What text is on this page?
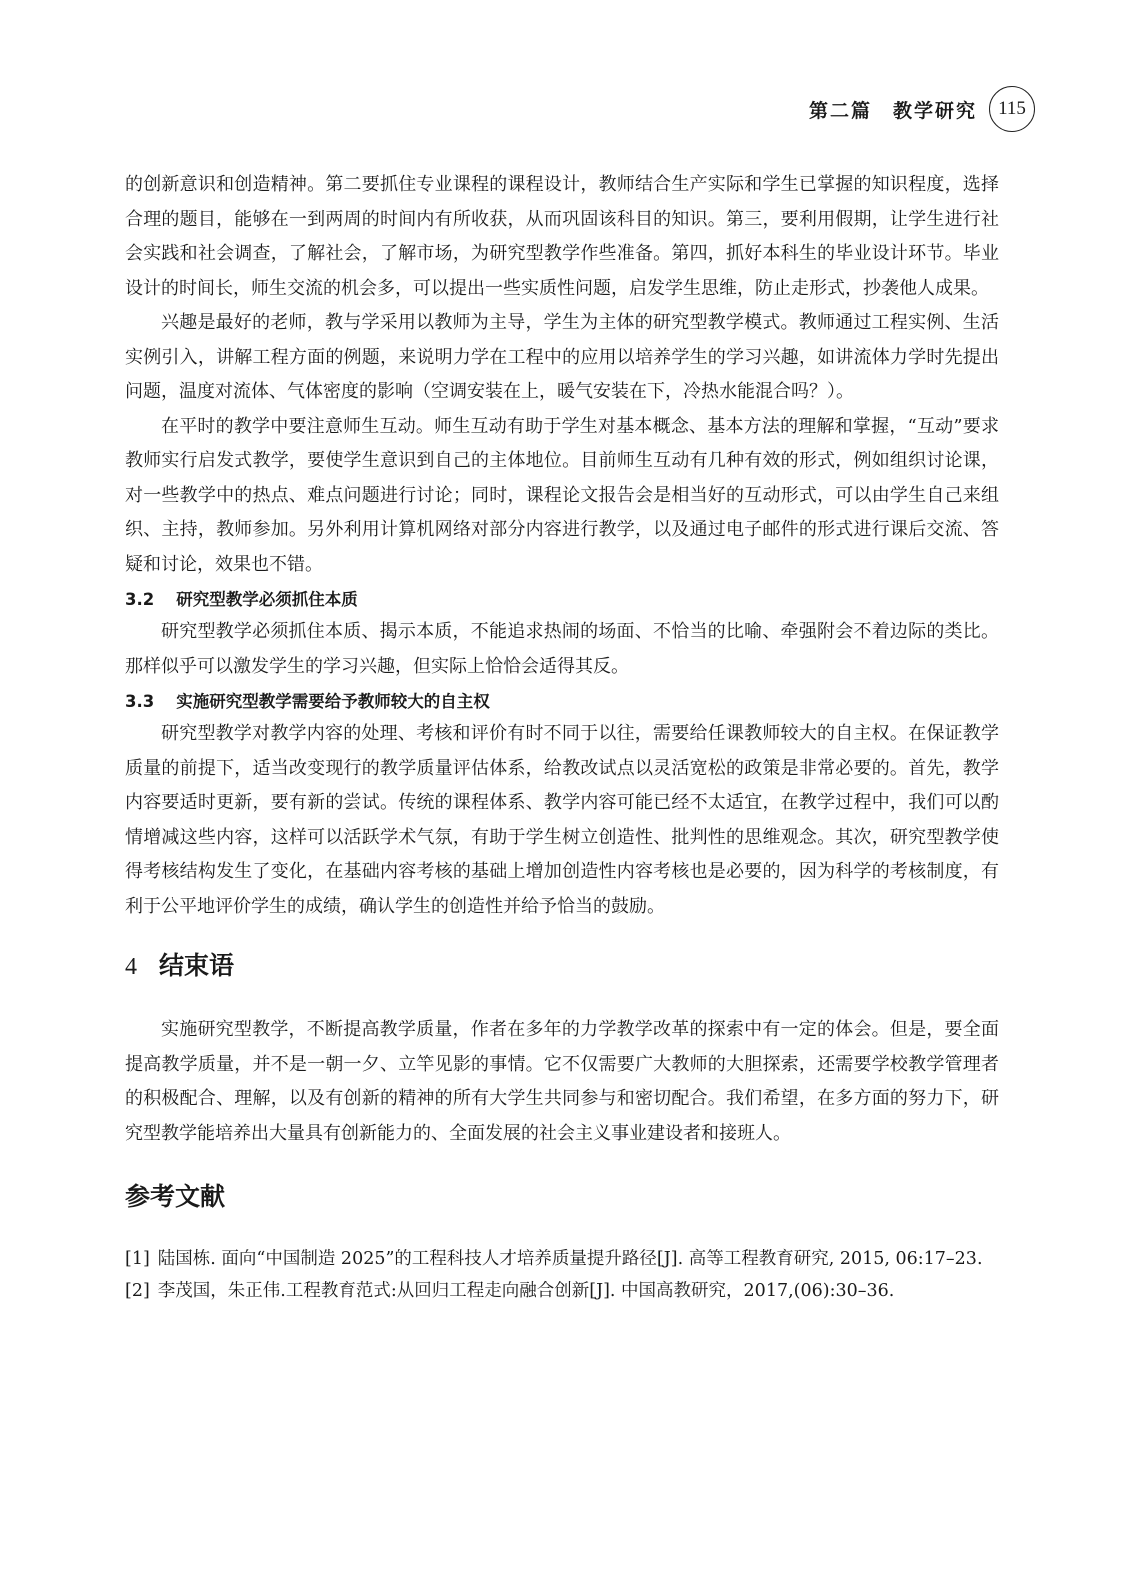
第二篇　教学研究	115

的创新意识和创造精神。第二要抓住专业课程的课程设计，教师结合生产实际和学生已掌握的知识程度，选择合理的题目，能够在一到两周的时间内有所收获，从而巩固该科目的知识。第三，要利用假期，让学生进行社会实践和社会调查，了解社会，了解市场，为研究型教学作些准备。第四，抓好本科生的毕业设计环节。毕业设计的时间长，师生交流的机会多，可以提出一些实质性问题，启发学生思维，防止走形式，抄袭他人成果。

兴趣是最好的老师，教与学采用以教师为主导，学生为主体的研究型教学模式。教师通过工程实例、生活实例引入，讲解工程方面的例题，来说明力学在工程中的应用以培养学生的学习兴趣，如讲流体力学时先提出问题，温度对流体、气体密度的影响（空调安装在上，暖气安装在下，冷热水能混合吗？）。

在平时的教学中要注意师生互动。师生互动有助于学生对基本概念、基本方法的理解和掌握，“互动”要求教师实行启发式教学，要使学生意识到自己的主体地位。目前师生互动有几种有效的形式，例如组织讨论课，对一些教学中的热点、难点问题进行讨论；同时，课程论文报告会是相当好的互动形式，可以由学生自己来组织、主持，教师参加。另外利用计算机网络对部分内容进行教学，以及通过电子邮件的形式进行课后交流、答疑和讨论，效果也不错。

3.2 研究型教学必须抓住本质

研究型教学必须抓住本质、揭示本质，不能追求热闹的场面、不恰当的比喻、牵强附会不着边际的类比。那样似乎可以激发学生的学习兴趣，但实际上恰恰会适得其反。

3.3 实施研究型教学需要给予教师较大的自主权

研究型教学对教学内容的处理、考核和评价有时不同于以往，需要给任课教师较大的自主权。在保证教学质量的前提下，适当改变现行的教学质量评估体系，给教改试点以灵活宽松的政策是非常必要的。首先，教学内容要适时更新，要有新的尝试。传统的课程体系、教学内容可能已经不太适宜，在教学过程中，我们可以酌情增减这些内容，这样可以活跃学术气氛，有助于学生树立创造性、批判性的思维观念。其次，研究型教学使得考核结构发生了变化，在基础内容考核的基础上增加创造性内容考核也是必要的，因为科学的考核制度，有利于公平地评价学生的成绩，确认学生的创造性并给予恰当的鼓励。

4 结束语

实施研究型教学，不断提高教学质量，作者在多年的力学教学改革的探索中有一定的体会。但是，要全面提高教学质量，并不是一朝一夕、立竿见影的事情。它不仅需要广大教师的大胆探索，还需要学校教学管理者的积极配合、理解，以及有创新的精神的所有大学生共同参与和密切配合。我们希望，在多方面的努力下，研究型教学能培养出大量具有创新能力的、全面发展的社会主义事业建设者和接班人。

参考文献
[1] 陆国栋. 面向“中国制造 2025”的工程科技人才培养质量提升路径[J]. 高等工程教育研究, 2015, 06:17–23.
[2] 李茂国，朱正伟.工程教育范式:从回归工程走向融合创新[J]. 中国高教研究，2017,(06):30–36.
